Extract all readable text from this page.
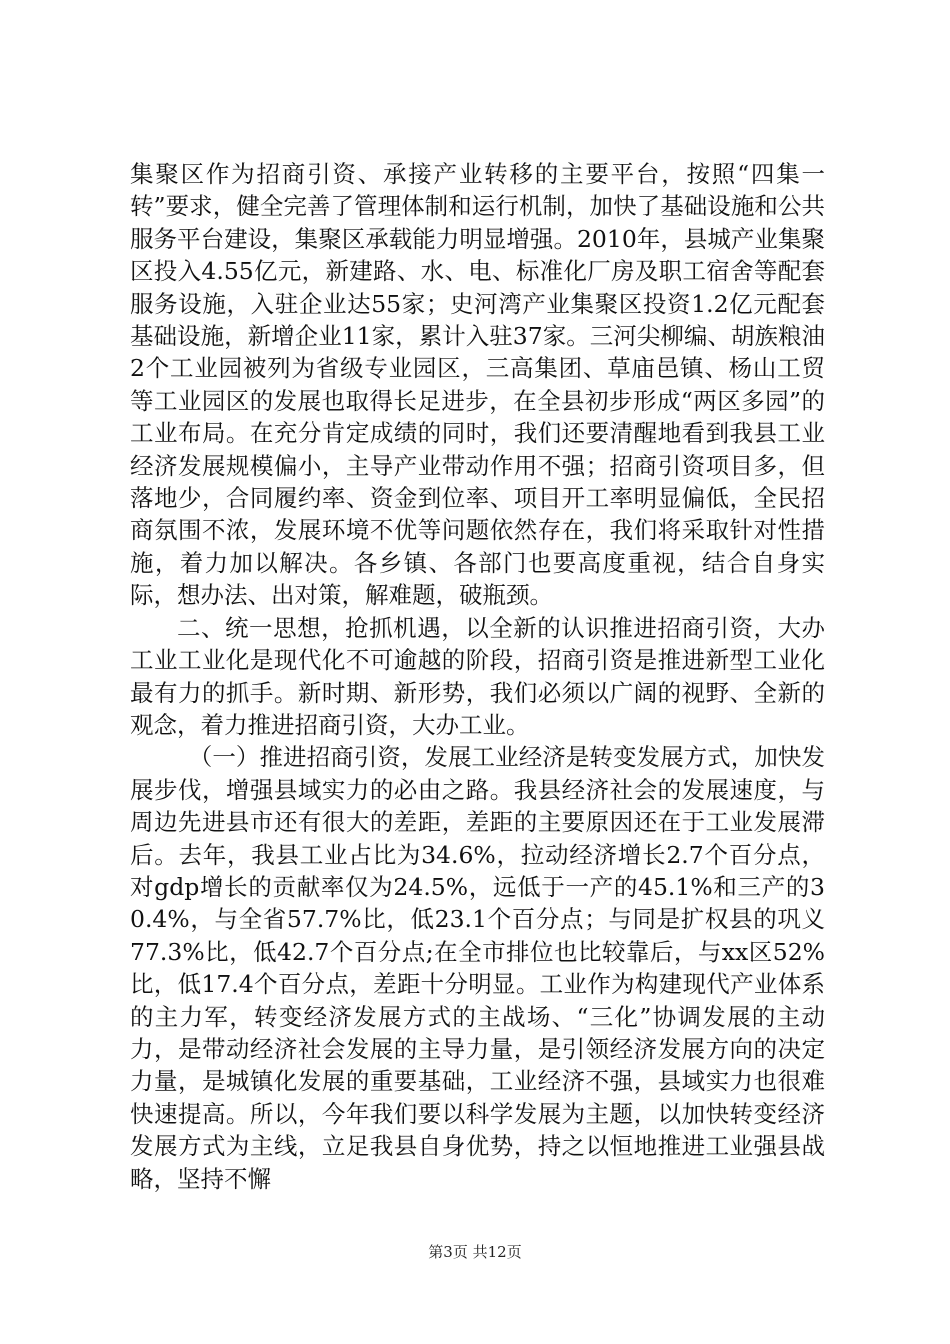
集聚区作为招商引资、承接产业转移的主要平台，按照“四集一转”要求，健全完善了管理体制和运行机制，加快了基础设施和公共服务平台建设，集聚区承载能力明显增强。2010年，县城产业集聚区投入4.55亿元，新建路、水、电、标准化厂房及职工宿舍等配套服务设施，入驻企业达55家；史河湾产业集聚区投资1.2亿元配套基础设施，新增企业11家，累计入驻37家。三河尖柳编、胡族粮油2个工业园被列为省级专业园区，三高集团、草庙邑镇、杨山工贸等工业园区的发展也取得长足进步，在全县初步形成“两区多园”的工业布局。在充分肯定成绩的同时，我们还要清醒地看到我县工业经济发展规模偏小，主导产业带动作用不强；招商引资项目多，但落地少，合同履约率、资金到位率、项目开工率明显偏低，全民招商氛围不浓，发展环境不优等问题依然存在，我们将采取针对性措施，着力加以解决。各乡镇、各部门也要高度重视，结合自身实际，想办法、出对策，解难题，破瓶颈。

二、统一思想，抢抓机遇，以全新的认识推进招商引资，大办工业工业化是现代化不可逾越的阶段，招商引资是推进新型工业化最有力的抓手。新时期、新形势，我们必须以广阔的视野、全新的观念，着力推进招商引资，大办工业。

（一）推进招商引资，发展工业经济是转变发展方式，加快发展步伐，增强县域实力的必由之路。我县经济社会的发展速度，与周边先进县市还有很大的差距，差距的主要原因还在于工业发展滞后。去年，我县工业占比为34.6%，拉动经济增长2.7个百分点，对gdp增长的贡献率仅为24.5%，远低于一产的45.1%和三产的30.4%，与全省57.7%比，低23.1个百分点；与同是扩权县的巩义77.3%比，低42.7个百分点;在全市排位也比较靠后，与xx区52%比，低17.4个百分点，差距十分明显。工业作为构建现代产业体系的主力军，转变经济发展方式的主战场、“三化”协调发展的主动力，是带动经济社会发展的主导力量，是引领经济发展方向的决定力量，是城镇化发展的重要基础，工业经济不强，县域实力也很难快速提高。所以，今年我们要以科学发展为主题，以加快转变经济发展方式为主线，立足我县自身优势，持之以恒地推进工业强县战略，坚持不懈

第3页 共12页
